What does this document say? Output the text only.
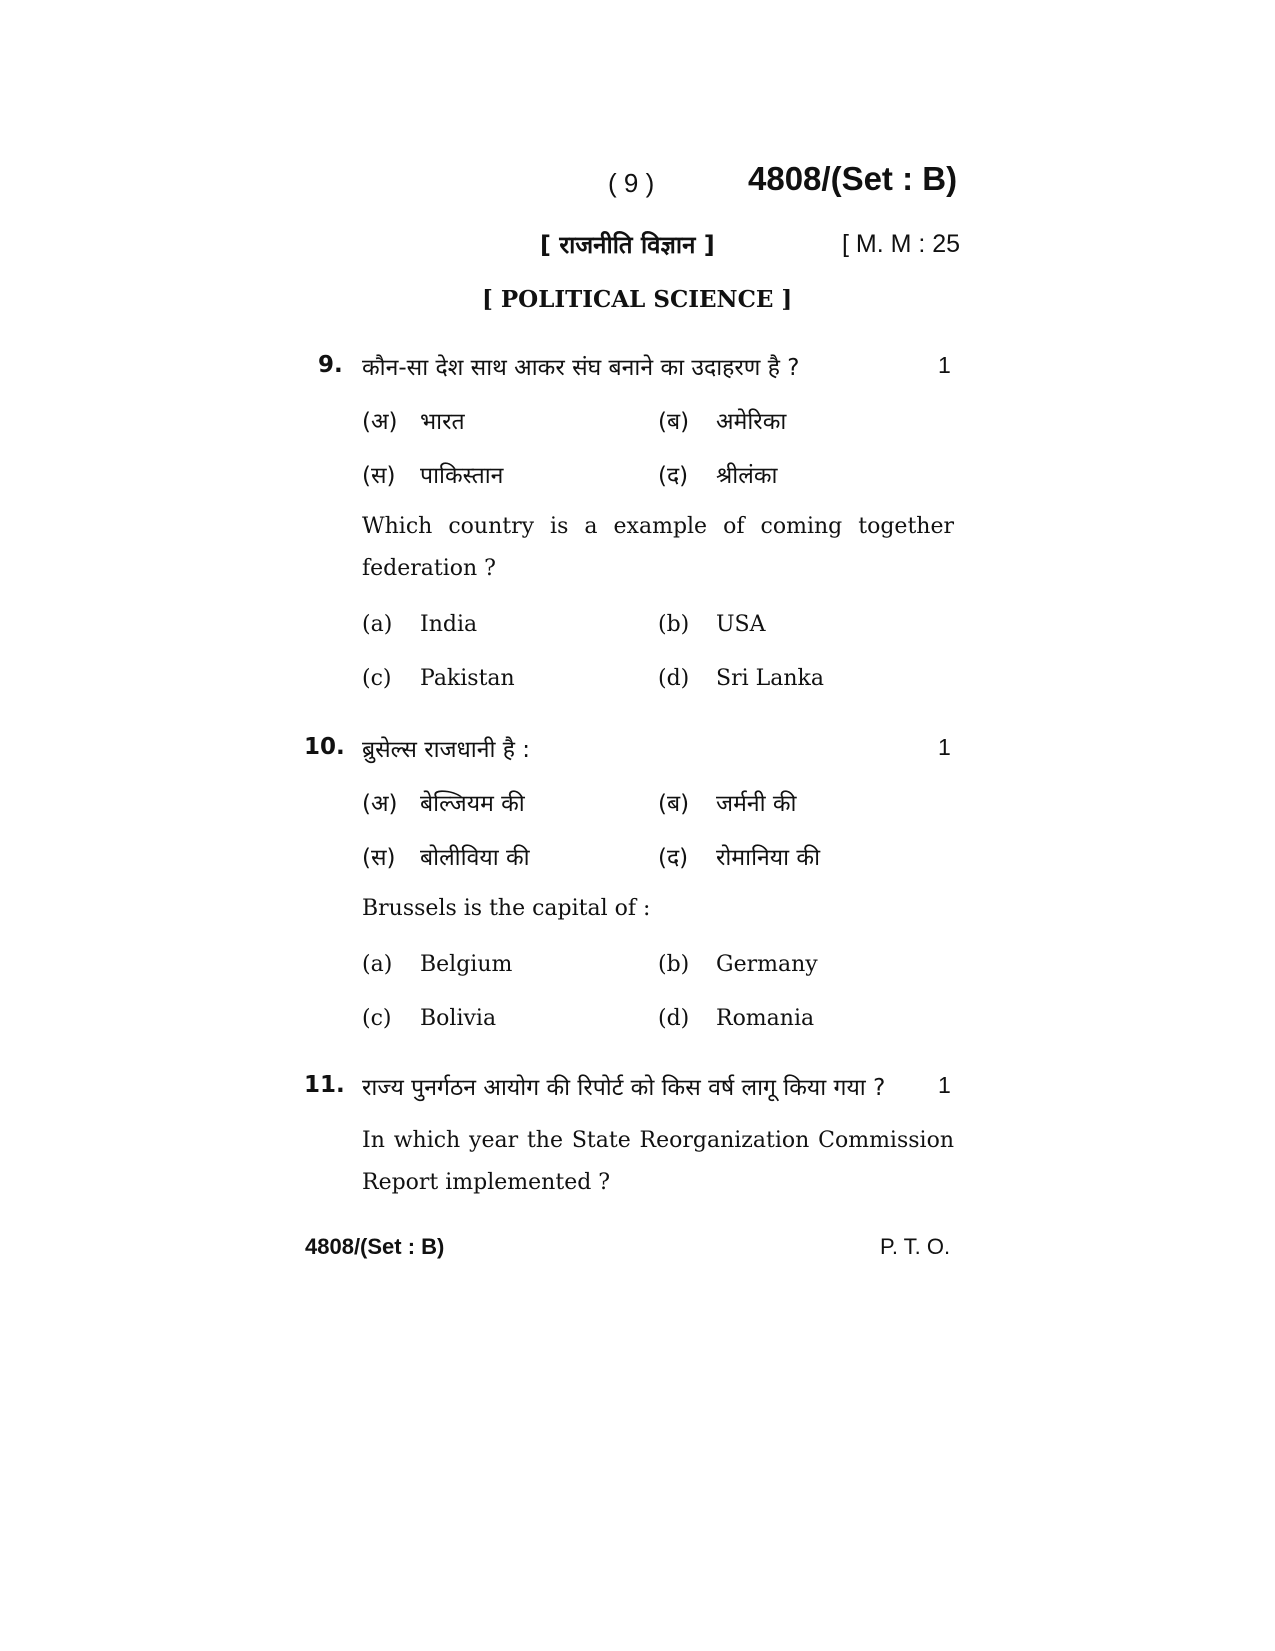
( 9 )	4808/(Set : B)
[ राजनीति विज्ञान ]	[ M. M : 25
[ POLITICAL SCIENCE ]
9. कौन-सा देश साथ आकर संघ बनाने का उदाहरण है ?	1
(अ) भारत	(ब) अमेरिका
(स) पाकिस्तान	(द) श्रीलंका
Which country is a example of coming together
federation ?
(a) India	(b) USA
(c) Pakistan	(d) Sri Lanka
10. ब्रुसेल्स राजधानी है :	1
(अ) बेल्जियम की	(ब) जर्मनी की
(स) बोलीविया की	(द) रोमानिया की
Brussels is the capital of :
(a) Belgium	(b) Germany
(c) Bolivia	(d) Romania
11. राज्य पुनर्गठन आयोग की रिपोर्ट को किस वर्ष लागू किया गया ? 1
In which year the State Reorganization Commission
Report implemented ?
4808/(Set : B)	P. T. O.
